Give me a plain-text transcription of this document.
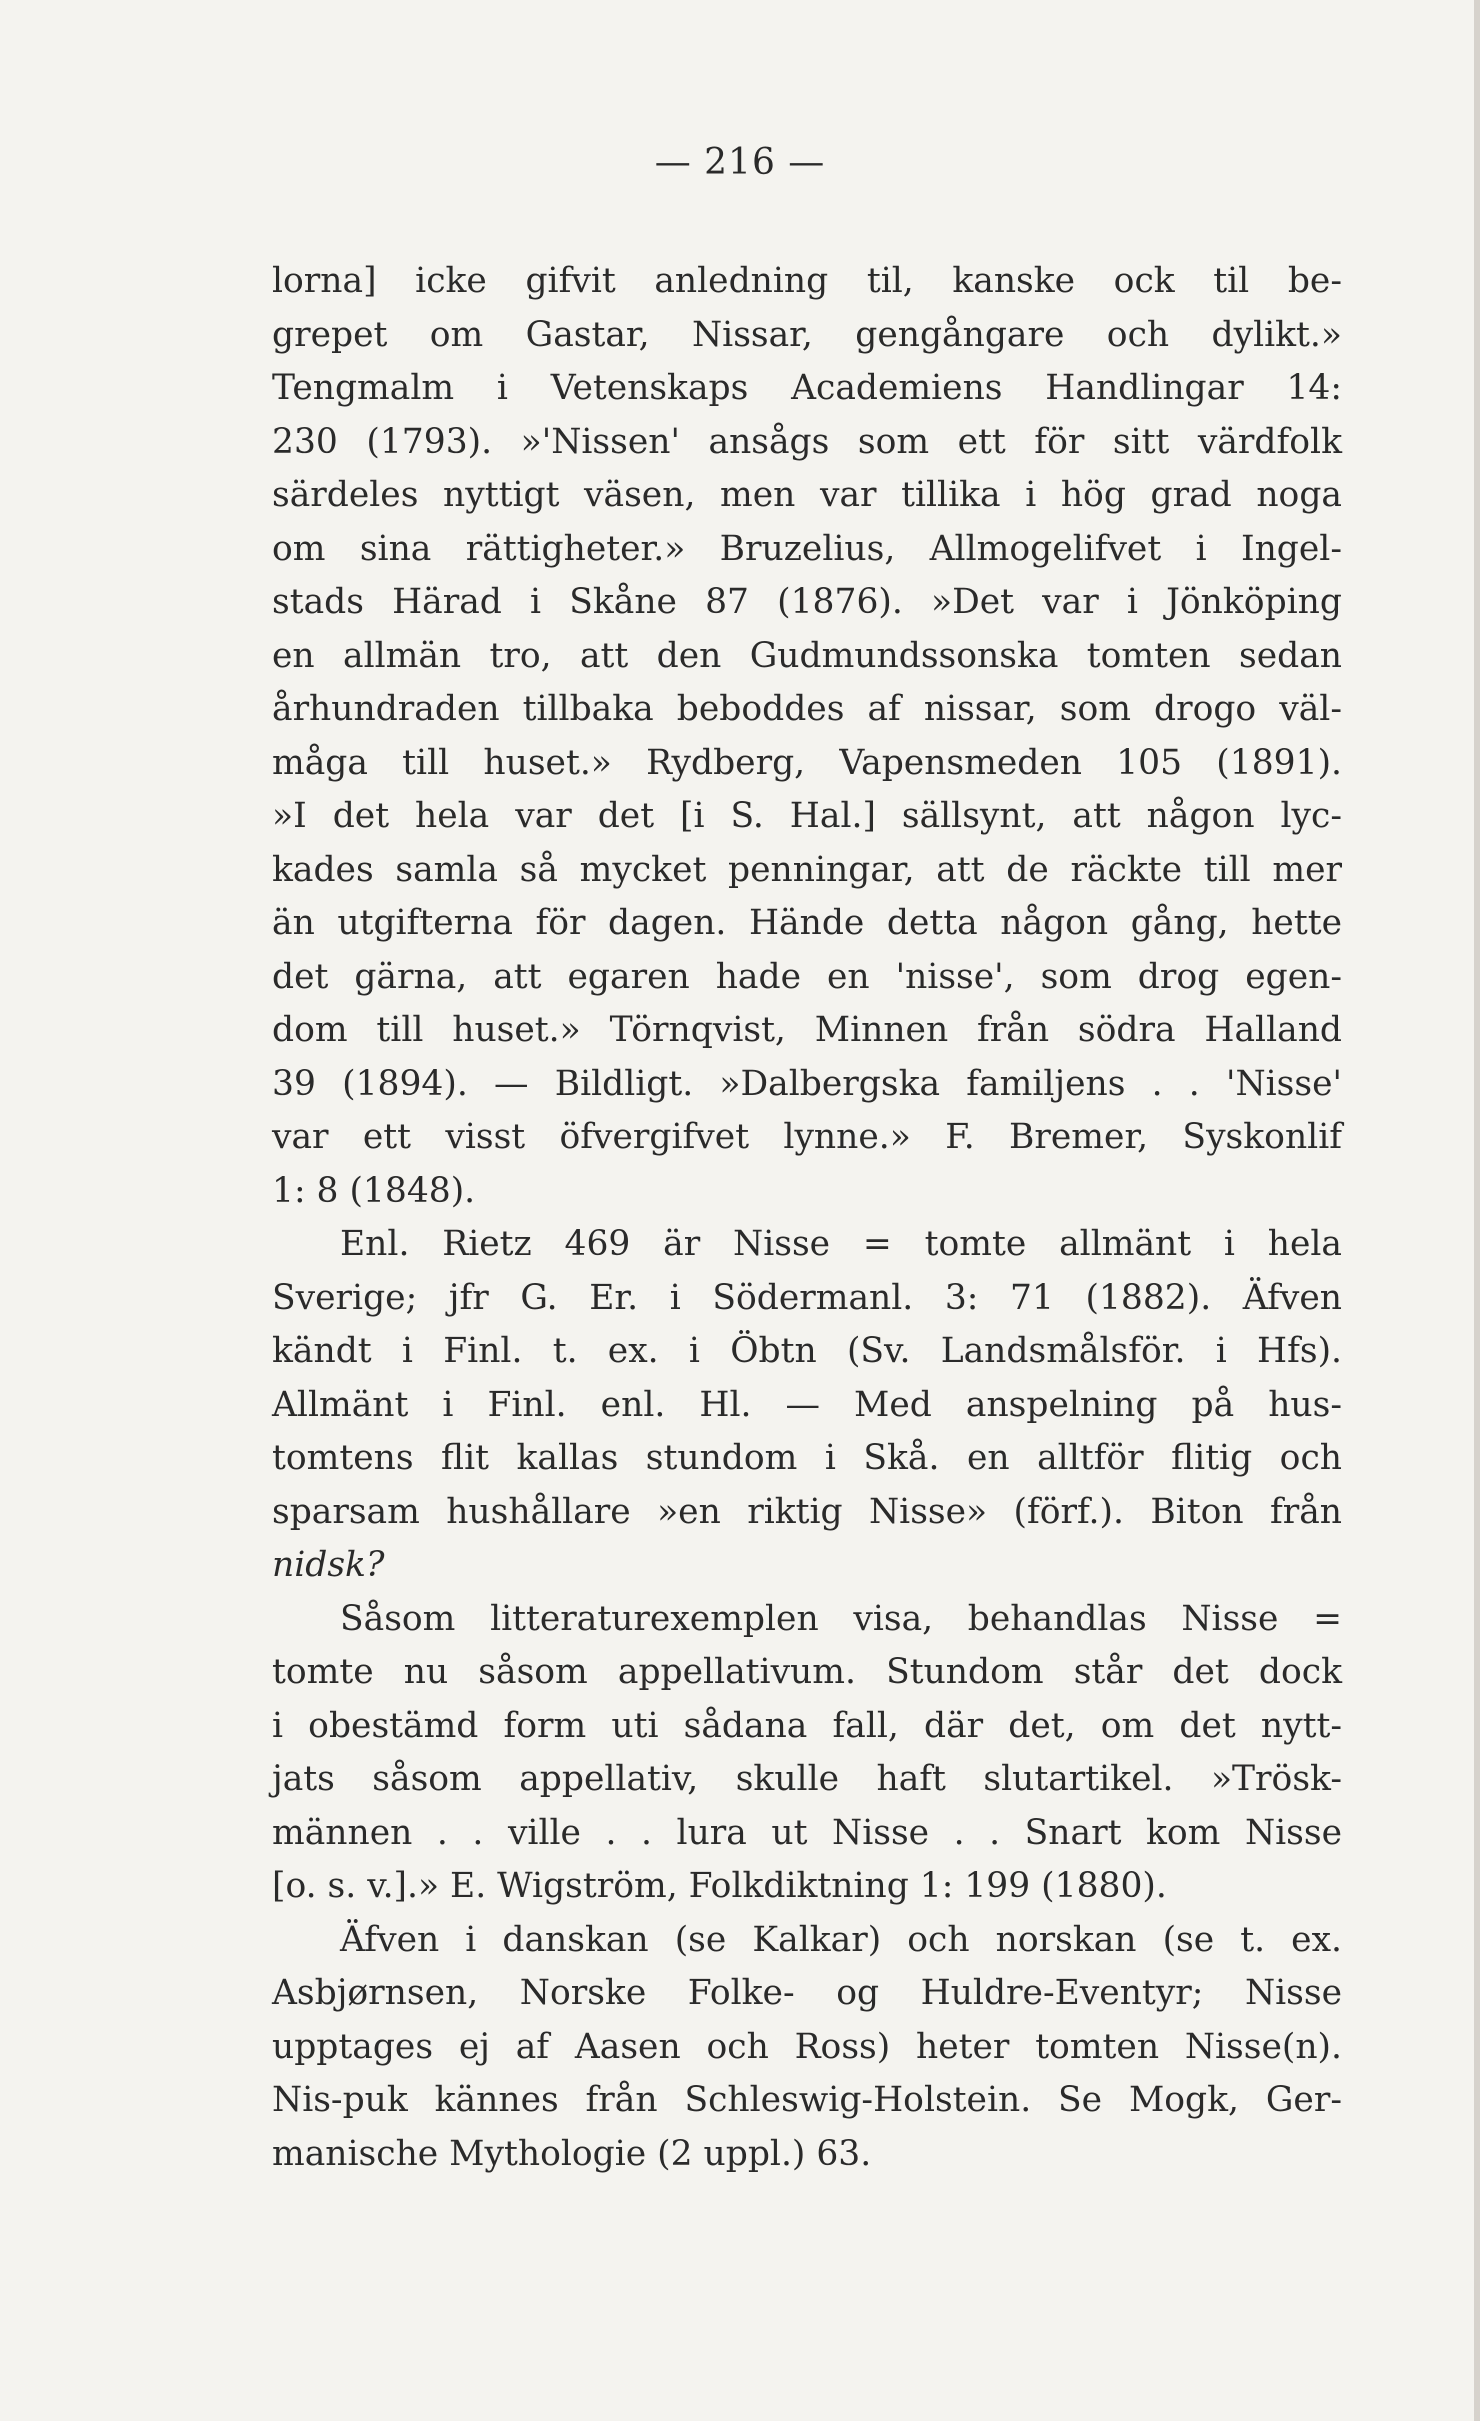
— 216 —
lorna] icke gifvit anledning til, kanske ock til be-
grepet om Gastar, Nissar, gengångare och dylikt.»
Tengmalm i Vetenskaps Academiens Handlingar 14:
230 (1793). »'Nissen' ansågs som ett för sitt värdfolk
särdeles nyttigt väsen, men var tillika i hög grad noga
om sina rättigheter.» Bruzelius, Allmogelifvet i Ingel-
stads Härad i Skåne 87 (1876). »Det var i Jönköping
en allmän tro, att den Gudmundssonska tomten sedan
århundraden tillbaka beboddes af nissar, som drogo väl-
måga till huset.» Rydberg, Vapensmeden 105 (1891).
»I det hela var det [i S. Hal.] sällsynt, att någon lyc-
kades samla så mycket penningar, att de räckte till mer
än utgifterna för dagen. Hände detta någon gång, hette
det gärna, att egaren hade en 'nisse', som drog egen-
dom till huset.» Törnqvist, Minnen från södra Halland
39 (1894). — Bildligt. »Dalbergska familjens . . 'Nisse'
var ett visst öfvergifvet lynne.» F. Bremer, Syskonlif
1: 8 (1848).
Enl. Rietz 469 är Nisse = tomte allmänt i hela
Sverige; jfr G. Er. i Södermanl. 3: 71 (1882). Äfven
kändt i Finl. t. ex. i Öbtn (Sv. Landsmålsför. i Hfs).
Allmänt i Finl. enl. Hl. — Med anspelning på hus-
tomtens flit kallas stundom i Skå. en alltför flitig och
sparsam hushållare »en riktig Nisse» (förf.). Biton från
nidsk?
Såsom litteraturexemplen visa, behandlas Nisse =
tomte nu såsom appellativum. Stundom står det dock
i obestämd form uti sådana fall, där det, om det nytt-
jats såsom appellativ, skulle haft slutartikel. »Trösk-
männen . . ville . . lura ut Nisse . . Snart kom Nisse
[o. s. v.].» E. Wigström, Folkdiktning 1: 199 (1880).
Äfven i danskan (se Kalkar) och norskan (se t. ex.
Asbjørnsen, Norske Folke- og Huldre-Eventyr; Nisse
upptages ej af Aasen och Ross) heter tomten Nisse(n).
Nis-puk kännes från Schleswig-Holstein. Se Mogk, Ger-
manische Mythologie (2 uppl.) 63.
